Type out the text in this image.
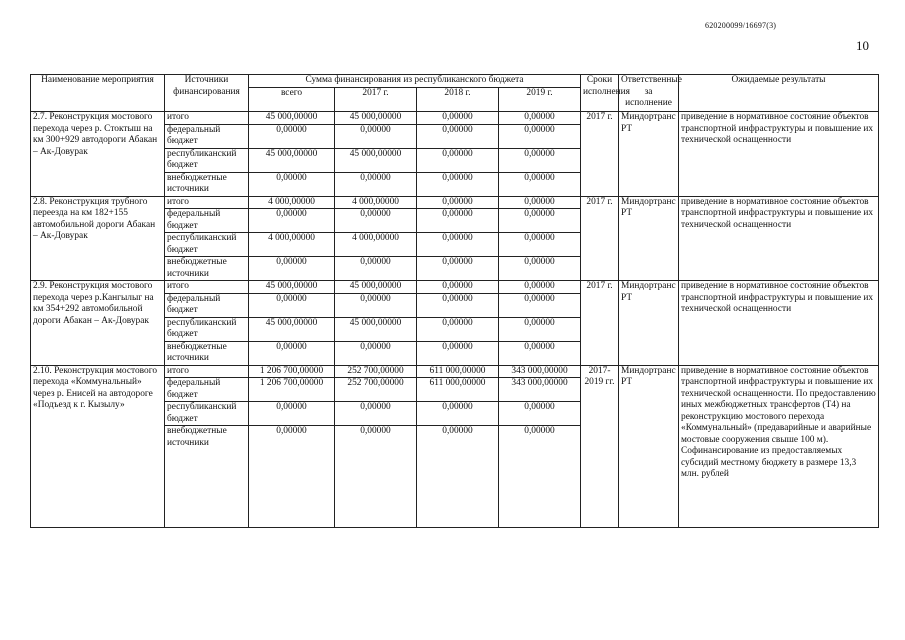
620200099/16697(3)
10
Наименование мероприятия	Источники финансирования	Сумма финансирования из республиканского бюджета				Сроки исполнения	Ответственные за исполнение	Ожидаемые результаты
		всего	2017 г.	2018 г.	2019 г.			
2.7. Реконструкция мостового перехода через р. Стоктыш на км 300+929 автодороги Абакан – Ак-Довурак	итого	45 000,00000	45 000,00000	0,00000	0,00000	2017 г.	Миндортранс РТ	приведение в нормативное состояние объектов транспортной инфраструктуры и повышение их технической оснащенности
	федеральный бюджет	0,00000	0,00000	0,00000	0,00000			
	республиканский бюджет	45 000,00000	45 000,00000	0,00000	0,00000			
	внебюджетные источники	0,00000	0,00000	0,00000	0,00000			
2.8. Реконструкция трубного переезда на км 182+155 автомобильной дороги Абакан – Ак-Довурак	итого	4 000,00000	4 000,00000	0,00000	0,00000	2017 г.	Миндортранс РТ	приведение в нормативное состояние объектов транспортной инфраструктуры и повышение их технической оснащенности
	федеральный бюджет	0,00000	0,00000	0,00000	0,00000			
	республиканский бюджет	4 000,00000	4 000,00000	0,00000	0,00000			
	внебюджетные источники	0,00000	0,00000	0,00000	0,00000			
2.9. Реконструкция мостового перехода через р.Кангылыг на км 354+292 автомобильной дороги Абакан – Ак-Довурак	итого	45 000,00000	45 000,00000	0,00000	0,00000	2017 г.	Миндортранс РТ	приведение в нормативное состояние объектов транспортной инфраструктуры и повышение их технической оснащенности
	федеральный бюджет	0,00000	0,00000	0,00000	0,00000			
	республиканский бюджет	45 000,00000	45 000,00000	0,00000	0,00000			
	внебюджетные источники	0,00000	0,00000	0,00000	0,00000			
2.10. Реконструкция мостового перехода «Коммунальный» через р. Енисей на автодороге «Подъезд к г. Кызылу»	итого	1 206 700,00000	252 700,00000	611 000,00000	343 000,00000	2017-2019 гг.	Миндортранс РТ	приведение в нормативное состояние объектов транспортной инфраструктуры и повышение их технической оснащенности. По предоставлению иных межбюджетных трансфертов (Т4) на реконструкцию мостового перехода «Коммунальный» (предаварийные и аварийные мостовые сооружения свыше 100 м). Софинансирование из предоставляемых субсидий местному бюджету в размере 13,3 млн. рублей
	федеральный бюджет	1 206 700,00000	252 700,00000	611 000,00000	343 000,00000			
	республиканский бюджет	0,00000	0,00000	0,00000	0,00000			
	внебюджетные источники	0,00000	0,00000	0,00000	0,00000			
